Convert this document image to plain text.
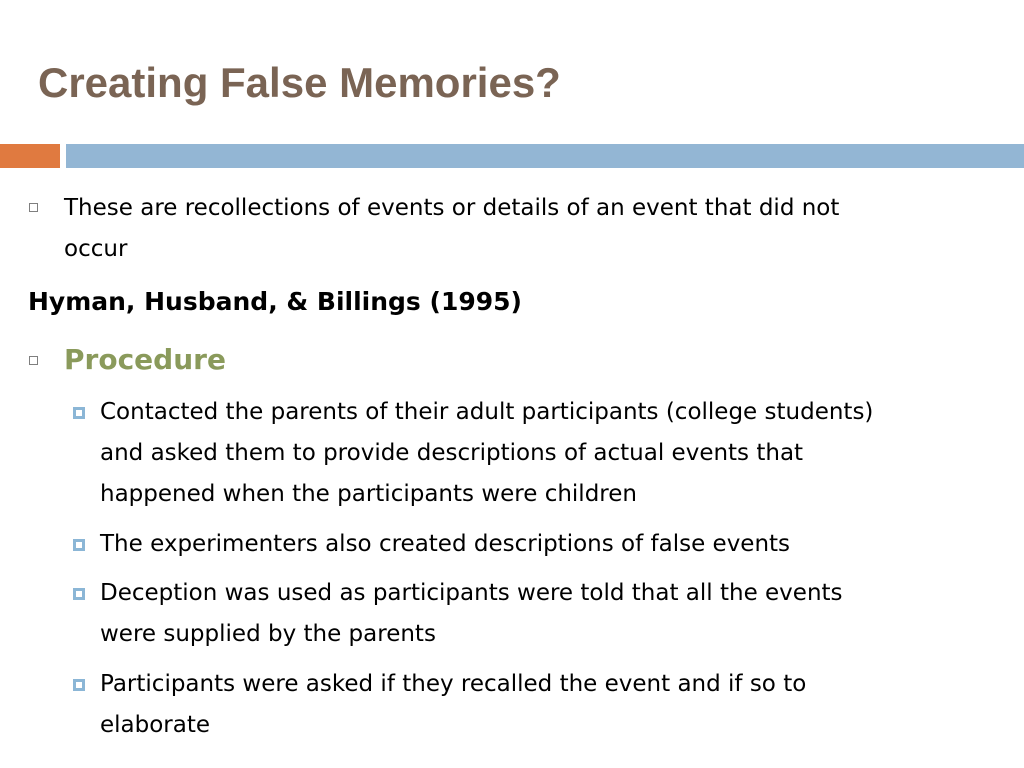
Creating False Memories?
These are recollections of events or details of an event that did not
occur
Hyman, Husband, & Billings (1995)
Procedure
Contacted the parents of their adult participants (college students)
and asked them to provide descriptions of actual events that
happened when the participants were children
The experimenters also created descriptions of false events
Deception was used as participants were told that all the events
were supplied by the parents
Participants were asked if they recalled the event and if so to
elaborate
